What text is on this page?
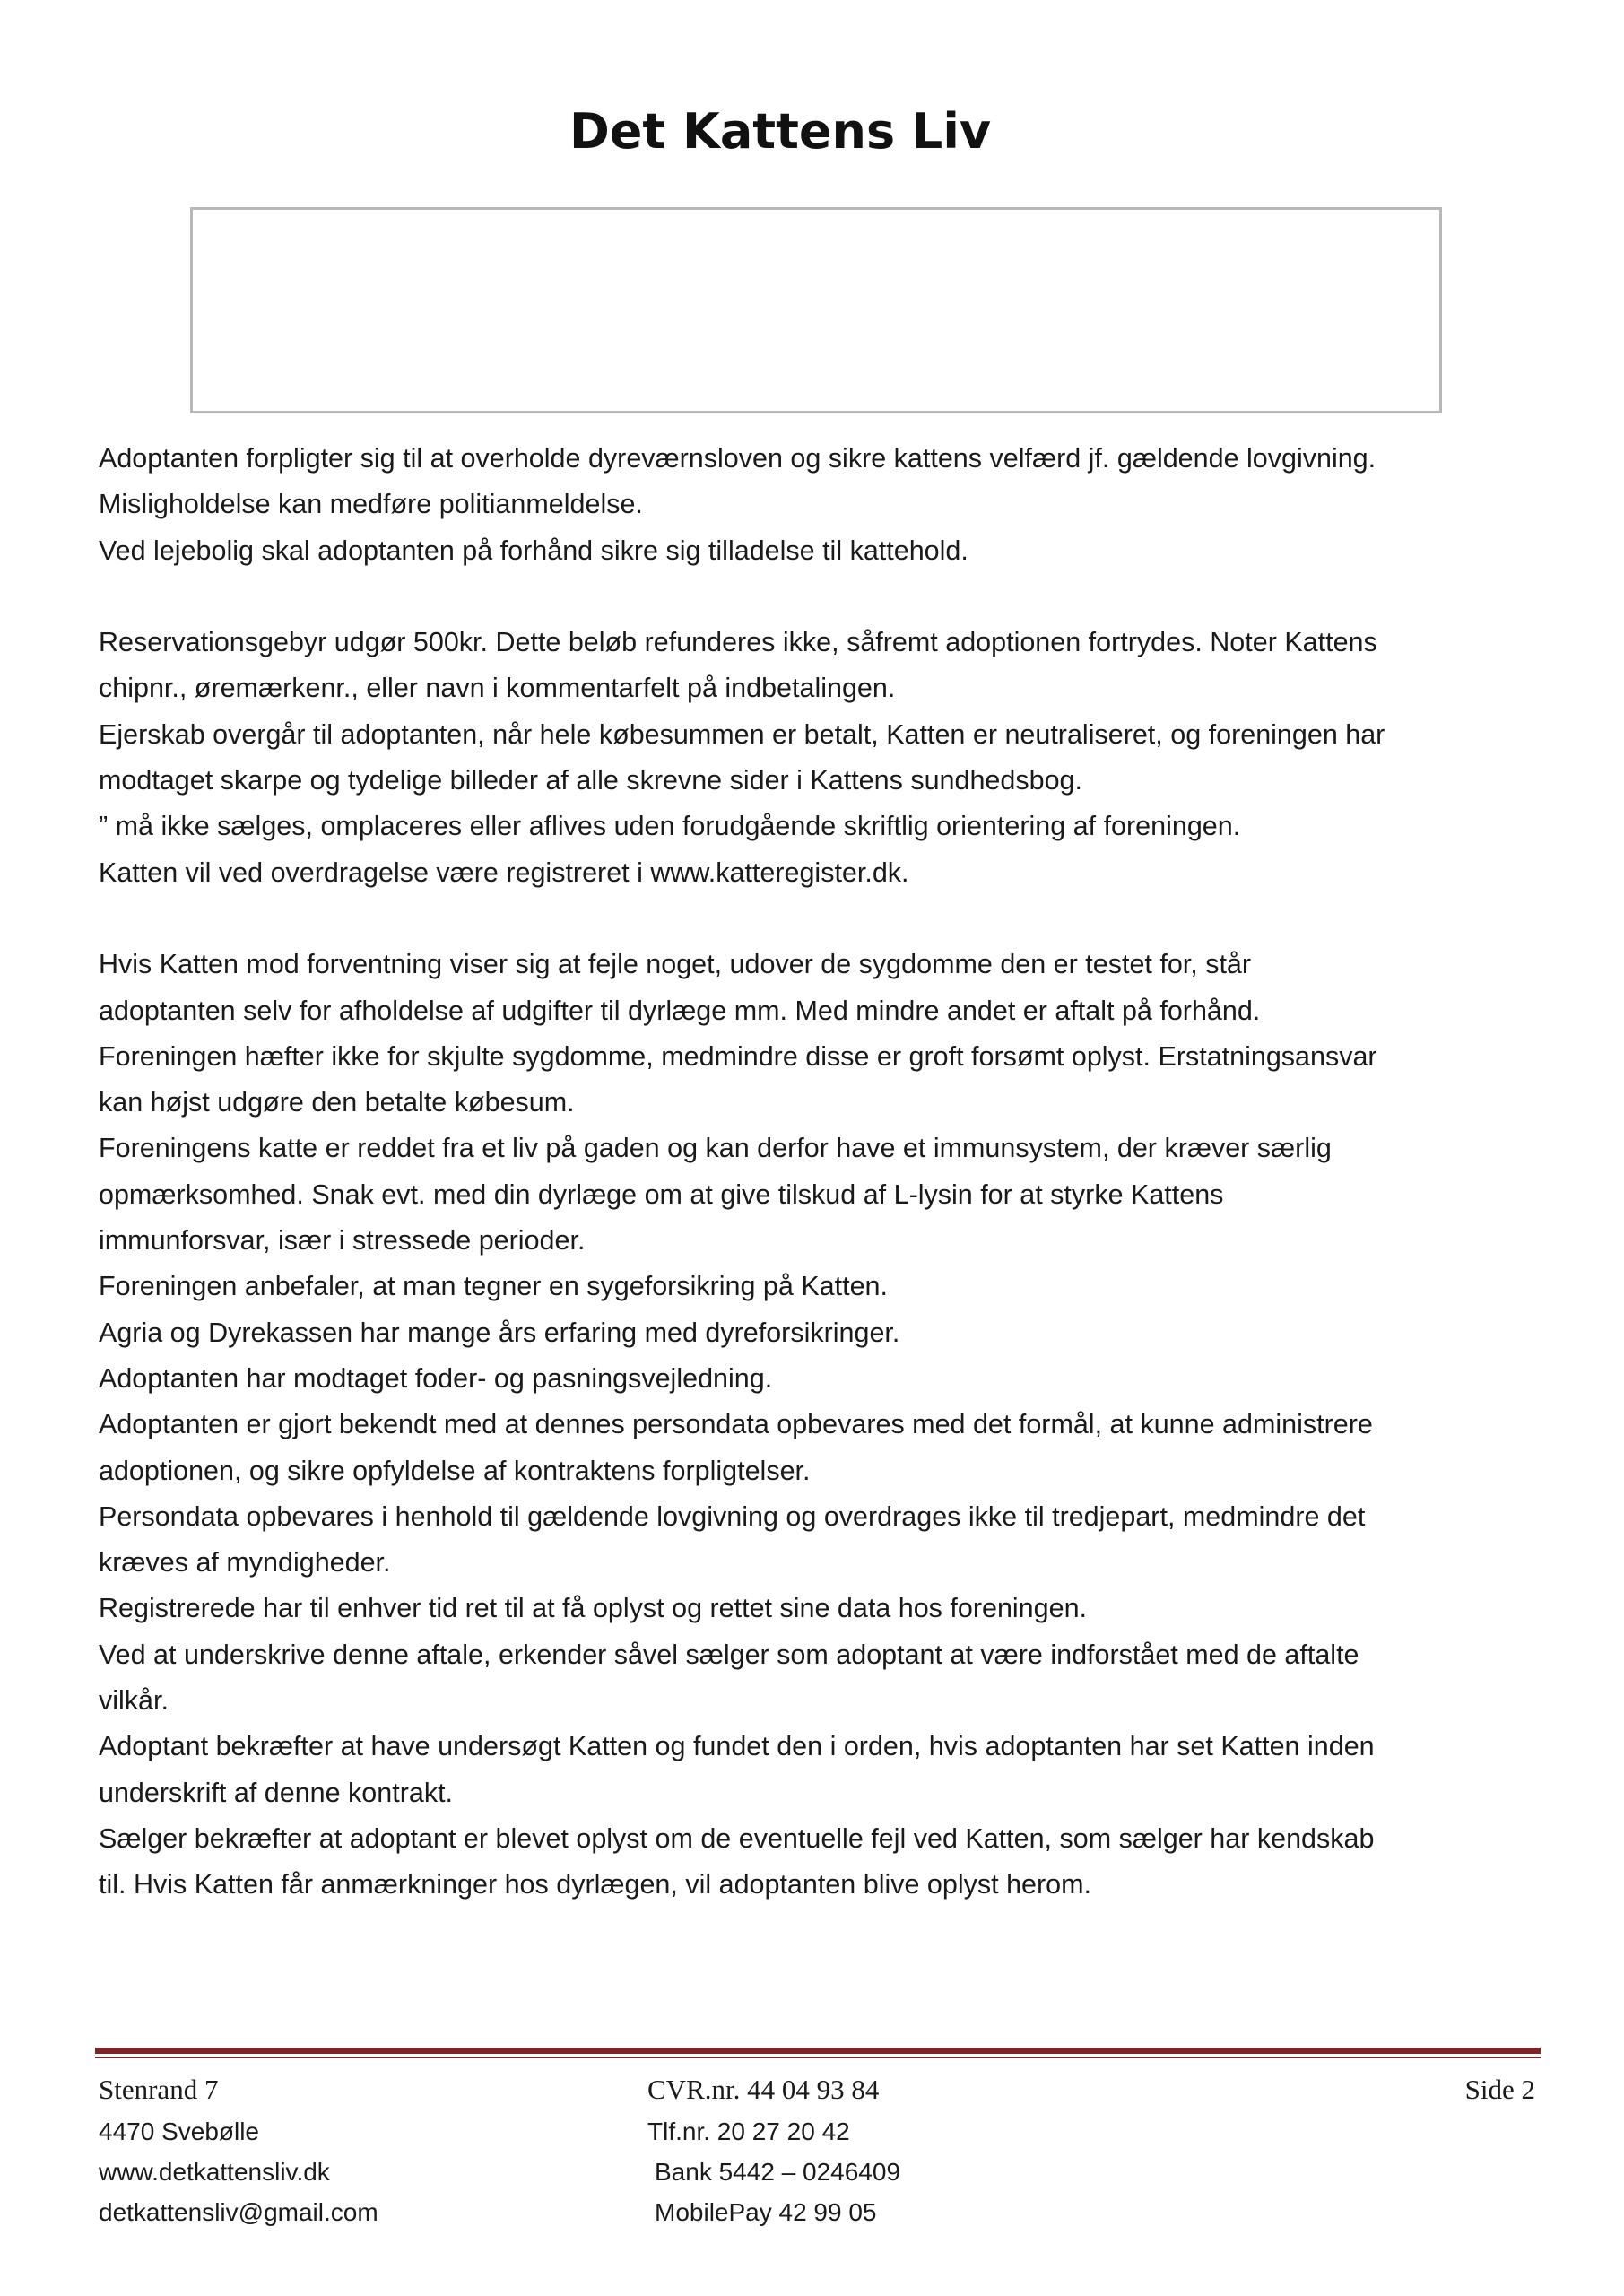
Det Kattens Liv

Adoptanten forpligter sig til at overholde dyreværnsloven og sikre kattens velfærd jf. gældende lovgivning.

Misligholdelse kan medføre politianmeldelse.

Ved lejebolig skal adoptanten på forhånd sikre sig tilladelse til kattehold.

Reservationsgebyr udgør 500kr. Dette beløb refunderes ikke, såfremt adoptionen fortrydes. Noter Kattens

chipnr., øremærkenr., eller navn i kommentarfelt på indbetalingen.

Ejerskab overgår til adoptanten, når hele købesummen er betalt, Katten er neutraliseret, og foreningen har

modtaget skarpe og tydelige billeder af alle skrevne sider i Kattens sundhedsbog.

” må ikke sælges, omplaceres eller aflives uden forudgående skriftlig orientering af foreningen.

Katten vil ved overdragelse være registreret i www.katteregister.dk.

Hvis Katten mod forventning viser sig at fejle noget, udover de sygdomme den er testet for, står

adoptanten selv for afholdelse af udgifter til dyrlæge mm. Med mindre andet er aftalt på forhånd.

Foreningen hæfter ikke for skjulte sygdomme, medmindre disse er groft forsømt oplyst. Erstatningsansvar

kan højst udgøre den betalte købesum.

Foreningens katte er reddet fra et liv på gaden og kan derfor have et immunsystem, der kræver særlig

opmærksomhed. Snak evt. med din dyrlæge om at give tilskud af L-lysin for at styrke Kattens

immunforsvar, især i stressede perioder.

Foreningen anbefaler, at man tegner en sygeforsikring på Katten.

Agria og Dyrekassen har mange års erfaring med dyreforsikringer.

Adoptanten har modtaget foder- og pasningsvejledning.

Adoptanten er gjort bekendt med at dennes persondata opbevares med det formål, at kunne administrere

adoptionen, og sikre opfyldelse af kontraktens forpligtelser.

Persondata opbevares i henhold til gældende lovgivning og overdrages ikke til tredjepart, medmindre det

kræves af myndigheder.

Registrerede har til enhver tid ret til at få oplyst og rettet sine data hos foreningen.

Ved at underskrive denne aftale, erkender såvel sælger som adoptant at være indforstået med de aftalte

vilkår.

Adoptant bekræfter at have undersøgt Katten og fundet den i orden, hvis adoptanten har set Katten inden

underskrift af denne kontrakt.

Sælger bekræfter at adoptant er blevet oplyst om de eventuelle fejl ved Katten, som sælger har kendskab

til. Hvis Katten får anmærkninger hos dyrlægen, vil adoptanten blive oplyst herom.

Stenrand 7
4470 Svebølle
www.detkattensliv.dk
detkattensliv@gmail.com
CVR.nr. 44 04 93 84
Tlf.nr. 20 27 20 42
Bank 5442 – 0246409
MobilePay 42 99 05
Side 2
